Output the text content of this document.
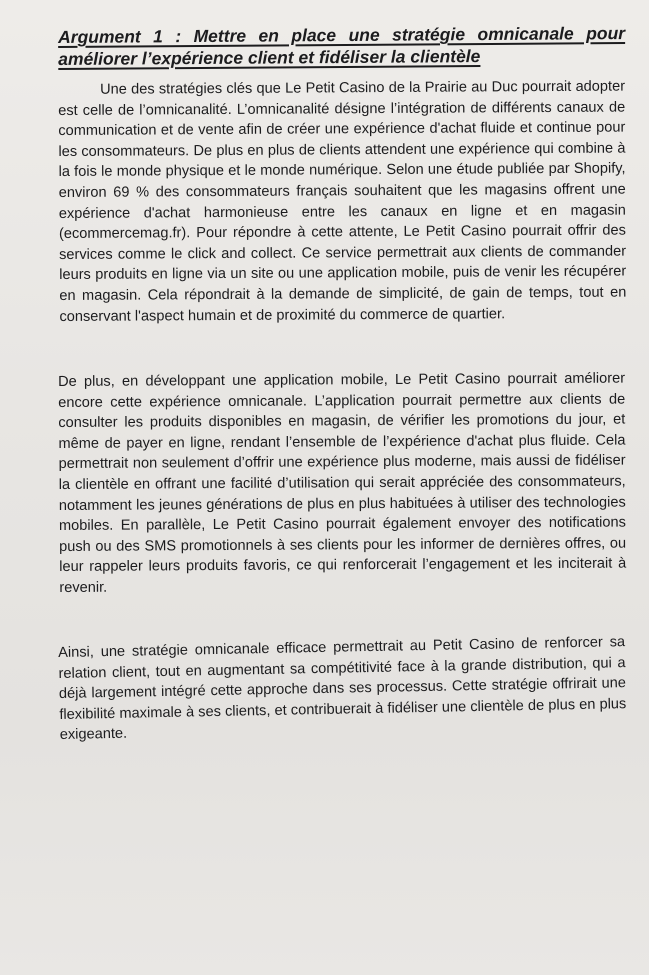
Argument 1 : Mettre en place une stratégie omnicanale pour
améliorer l’expérience client et fidéliser la clientèle

Une des stratégies clés que Le Petit Casino de la Prairie au Duc pourrait adopter est celle de l’omnicanalité. L’omnicanalité désigne l’intégration de différents canaux de communication et de vente afin de créer une expérience d'achat fluide et continue pour les consommateurs. De plus en plus de clients attendent une expérience qui combine à la fois le monde physique et le monde numérique. Selon une étude publiée par Shopify, environ 69 % des consommateurs français souhaitent que les magasins offrent une expérience d'achat harmonieuse entre les canaux en ligne et en magasin (ecommercemag.fr). Pour répondre à cette attente, Le Petit Casino pourrait offrir des services comme le click and collect. Ce service permettrait aux clients de commander leurs produits en ligne via un site ou une application mobile, puis de venir les récupérer en magasin. Cela répondrait à la demande de simplicité, de gain de temps, tout en conservant l'aspect humain et de proximité du commerce de quartier.

De plus, en développant une application mobile, Le Petit Casino pourrait améliorer encore cette expérience omnicanale. L’application pourrait permettre aux clients de consulter les produits disponibles en magasin, de vérifier les promotions du jour, et même de payer en ligne, rendant l’ensemble de l’expérience d'achat plus fluide. Cela permettrait non seulement d’offrir une expérience plus moderne, mais aussi de fidéliser la clientèle en offrant une facilité d’utilisation qui serait appréciée des consommateurs, notamment les jeunes générations de plus en plus habituées à utiliser des technologies mobiles. En parallèle, Le Petit Casino pourrait également envoyer des notifications push ou des SMS promotionnels à ses clients pour les informer de dernières offres, ou leur rappeler leurs produits favoris, ce qui renforcerait l’engagement et les inciterait à revenir.

Ainsi, une stratégie omnicanale efficace permettrait au Petit Casino de renforcer sa relation client, tout en augmentant sa compétitivité face à la grande distribution, qui a déjà largement intégré cette approche dans ses processus. Cette stratégie offrirait une flexibilité maximale à ses clients, et contribuerait à fidéliser une clientèle de plus en plus exigeante.
